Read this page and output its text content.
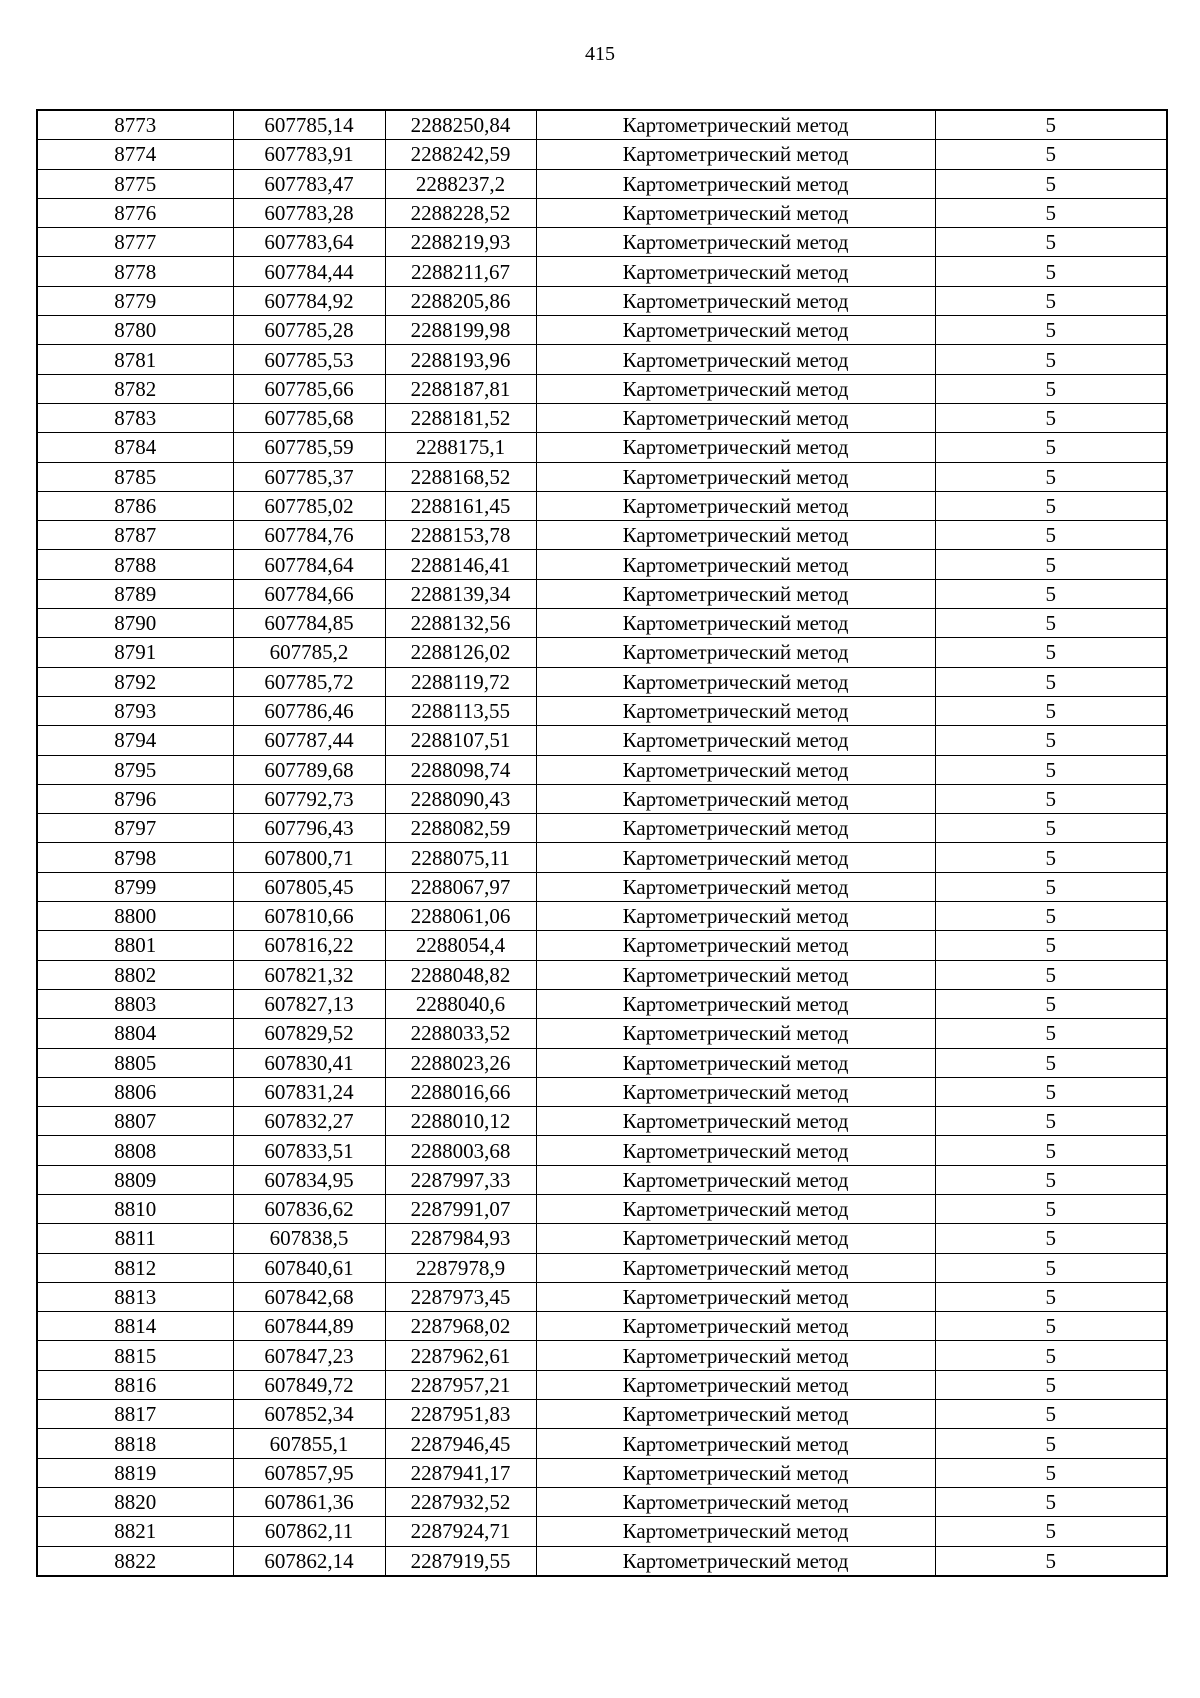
415
8773	607785,14	2288250,84	Картометрический метод	5
8774	607783,91	2288242,59	Картометрический метод	5
8775	607783,47	2288237,2	Картометрический метод	5
8776	607783,28	2288228,52	Картометрический метод	5
8777	607783,64	2288219,93	Картометрический метод	5
8778	607784,44	2288211,67	Картометрический метод	5
8779	607784,92	2288205,86	Картометрический метод	5
8780	607785,28	2288199,98	Картометрический метод	5
8781	607785,53	2288193,96	Картометрический метод	5
8782	607785,66	2288187,81	Картометрический метод	5
8783	607785,68	2288181,52	Картометрический метод	5
8784	607785,59	2288175,1	Картометрический метод	5
8785	607785,37	2288168,52	Картометрический метод	5
8786	607785,02	2288161,45	Картометрический метод	5
8787	607784,76	2288153,78	Картометрический метод	5
8788	607784,64	2288146,41	Картометрический метод	5
8789	607784,66	2288139,34	Картометрический метод	5
8790	607784,85	2288132,56	Картометрический метод	5
8791	607785,2	2288126,02	Картометрический метод	5
8792	607785,72	2288119,72	Картометрический метод	5
8793	607786,46	2288113,55	Картометрический метод	5
8794	607787,44	2288107,51	Картометрический метод	5
8795	607789,68	2288098,74	Картометрический метод	5
8796	607792,73	2288090,43	Картометрический метод	5
8797	607796,43	2288082,59	Картометрический метод	5
8798	607800,71	2288075,11	Картометрический метод	5
8799	607805,45	2288067,97	Картометрический метод	5
8800	607810,66	2288061,06	Картометрический метод	5
8801	607816,22	2288054,4	Картометрический метод	5
8802	607821,32	2288048,82	Картометрический метод	5
8803	607827,13	2288040,6	Картометрический метод	5
8804	607829,52	2288033,52	Картометрический метод	5
8805	607830,41	2288023,26	Картометрический метод	5
8806	607831,24	2288016,66	Картометрический метод	5
8807	607832,27	2288010,12	Картометрический метод	5
8808	607833,51	2288003,68	Картометрический метод	5
8809	607834,95	2287997,33	Картометрический метод	5
8810	607836,62	2287991,07	Картометрический метод	5
8811	607838,5	2287984,93	Картометрический метод	5
8812	607840,61	2287978,9	Картометрический метод	5
8813	607842,68	2287973,45	Картометрический метод	5
8814	607844,89	2287968,02	Картометрический метод	5
8815	607847,23	2287962,61	Картометрический метод	5
8816	607849,72	2287957,21	Картометрический метод	5
8817	607852,34	2287951,83	Картометрический метод	5
8818	607855,1	2287946,45	Картометрический метод	5
8819	607857,95	2287941,17	Картометрический метод	5
8820	607861,36	2287932,52	Картометрический метод	5
8821	607862,11	2287924,71	Картометрический метод	5
8822	607862,14	2287919,55	Картометрический метод	5
